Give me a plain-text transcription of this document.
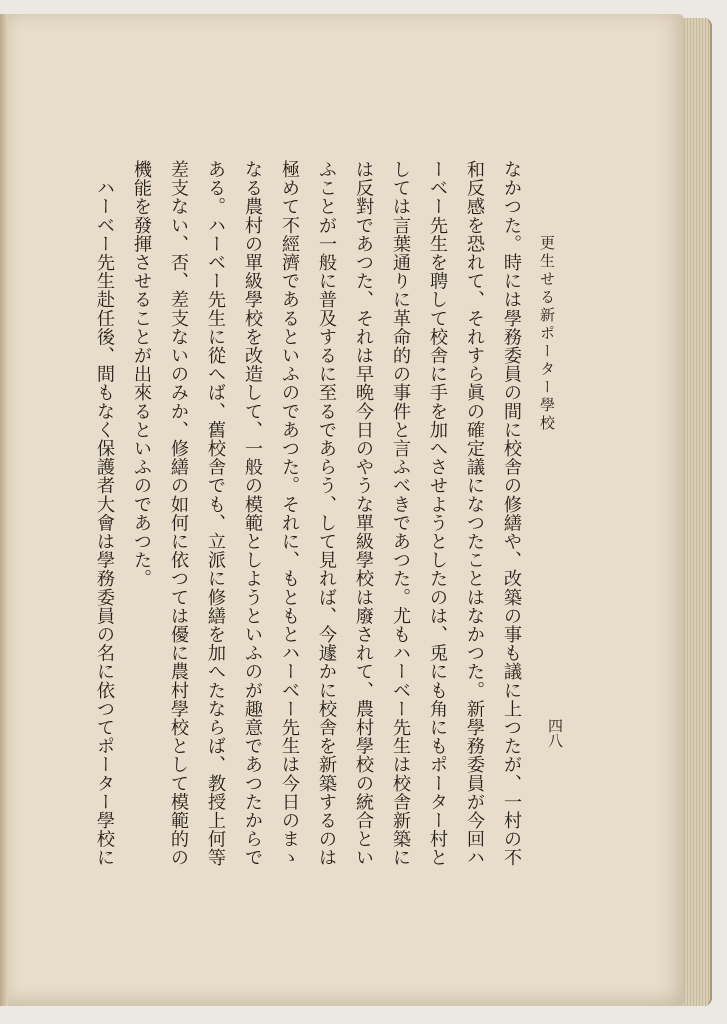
更生せる新ポーター學校
四八
なかつた。時には學務委員の間に校舎の修繕や、改築の事も議に上つたが、一村の不
和反感を恐れて、それすら眞の確定議になつたことはなかつた。新學務委員が今回ハ
ーベー先生を聘して校舎に手を加へさせようとしたのは、兎にも角にもポーター村と
しては言葉通りに革命的の事件と言ふべきであつた。尤もハーベー先生は校舎新築に
は反對であつた、それは早晩今日のやうな單級學校は廢されて、農村學校の統合とい
ふことが一般に普及するに至るであらう、して見れば、今遽かに校舎を新築するのは
極めて不經濟であるといふのであつた。それに、もともとハーベー先生は今日のまゝ
なる農村の單級學校を改造して、一般の模範としようといふのが趣意であつたからで
ある。ハーベー先生に從へば、舊校舎でも、立派に修繕を加へたならば、教授上何等
差支ない、否、差支ないのみか、修繕の如何に依つては優に農村學校として模範的の
機能を發揮させることが出來るといふのであつた。
　ハーベー先生赴任後、間もなく保護者大會は學務委員の名に依つてポーター學校に
